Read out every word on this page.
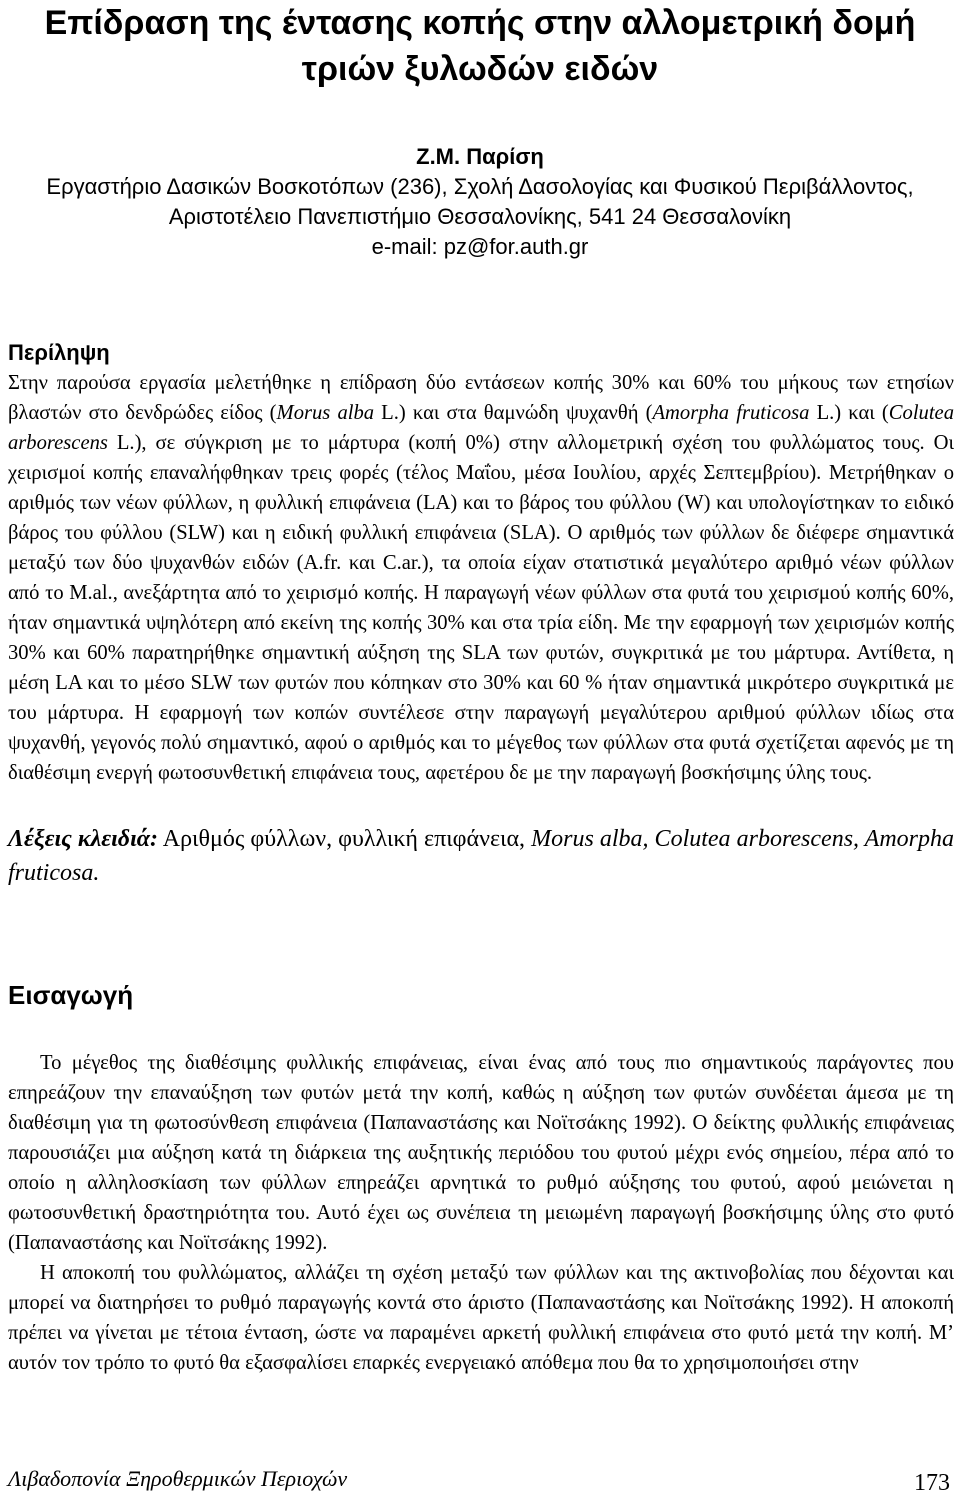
Επίδραση της έντασης κοπής στην αλλομετρική δομή
τριών ξυλωδών ειδών
Ζ.Μ. Παρίση
Εργαστήριο Δασικών Βοσκοτόπων (236), Σχολή Δασολογίας και Φυσικού Περιβάλλοντος,
Αριστοτέλειο Πανεπιστήμιο Θεσσαλονίκης, 541 24 Θεσσαλονίκη
e-mail: pz@for.auth.gr
Περίληψη

Στην παρούσα εργασία μελετήθηκε η επίδραση δύο εντάσεων κοπής 30% και 60% του μήκους των ετησίων βλαστών στο δενδρώδες είδος (Morus alba L.) και στα θαμνώδη ψυχανθή (Amorpha fruticosa L.) και (Colutea arborescens L.), σε σύγκριση με το μάρτυρα (κοπή 0%) στην αλλομετρική σχέση του φυλλώματος τους. Οι χειρισμοί κοπής επαναλήφθηκαν τρεις φορές (τέλος Μαΐου, μέσα Ιουλίου, αρχές Σεπτεμβρίου). Μετρήθηκαν ο αριθμός των νέων φύλλων, η φυλλική επιφάνεια (LA) και το βάρος του φύλλου (W) και υπολογίστηκαν το ειδικό βάρος του φύλλου (SLW) και η ειδική φυλλική επιφάνεια (SLA). Ο αριθμός των φύλλων δε διέφερε σημαντικά μεταξύ των δύο ψυχανθών ειδών (A.fr. και C.ar.), τα οποία είχαν στατιστικά μεγαλύτερο αριθμό νέων φύλλων από το M.al., ανεξάρτητα από το χειρισμό κοπής. Η παραγωγή νέων φύλλων στα φυτά του χειρισμού κοπής 60%, ήταν σημαντικά υψηλότερη από εκείνη της κοπής 30% και στα τρία είδη. Με την εφαρμογή των χειρισμών κοπής 30% και 60% παρατηρήθηκε σημαντική αύξηση της SLA των φυτών, συγκριτικά με του μάρτυρα. Αντίθετα, η μέση LA και το μέσο SLW των φυτών που κόπηκαν στο 30% και 60 % ήταν σημαντικά μικρότερο συγκριτικά με του μάρτυρα. Η εφαρμογή των κοπών συντέλεσε στην παραγωγή μεγαλύτερου αριθμού φύλλων ιδίως στα ψυχανθή, γεγονός πολύ σημαντικό, αφού ο αριθμός και το μέγεθος των φύλλων στα φυτά σχετίζεται αφενός με τη διαθέσιμη ενεργή φωτοσυνθετική επιφάνεια τους, αφετέρου δε με την παραγωγή βοσκήσιμης ύλης τους.

Λέξεις κλειδιά: Αριθμός φύλλων, φυλλική επιφάνεια, Morus alba, Colutea arborescens, Amorpha fruticosa.

Εισαγωγή

Το μέγεθος της διαθέσιμης φυλλικής επιφάνειας, είναι ένας από τους πιο σημαντικούς παράγοντες που επηρεάζουν την επαναύξηση των φυτών μετά την κοπή, καθώς η αύξηση των φυτών συνδέεται άμεσα με τη διαθέσιμη για τη φωτοσύνθεση επιφάνεια (Παπαναστάσης και Νοϊτσάκης 1992). Ο δείκτης φυλλικής επιφάνειας παρουσιάζει μια αύξηση κατά τη διάρκεια της αυξητικής περιόδου του φυτού μέχρι ενός σημείου, πέρα από το οποίο η αλληλοσκίαση των φύλλων επηρεάζει αρνητικά το ρυθμό αύξησης του φυτού, αφού μειώνεται η φωτοσυνθετική δραστηριότητα του. Αυτό έχει ως συνέπεια τη μειωμένη παραγωγή βοσκήσιμης ύλης στο φυτό (Παπαναστάσης και Νοϊτσάκης 1992).

Η αποκοπή του φυλλώματος, αλλάζει τη σχέση μεταξύ των φύλλων και της ακτινοβολίας που δέχονται και μπορεί να διατηρήσει το ρυθμό παραγωγής κοντά στο άριστο (Παπαναστάσης και Νοϊτσάκης 1992). Η αποκοπή πρέπει να γίνεται με τέτοια ένταση, ώστε να παραμένει αρκετή φυλλική επιφάνεια στο φυτό μετά την κοπή. Μ’ αυτόν τον τρόπο το φυτό θα εξασφαλίσει επαρκές ενεργειακό απόθεμα που θα το χρησιμοποιήσει στην

Λιβαδοπονία Ξηροθερμικών Περιοχών	173
